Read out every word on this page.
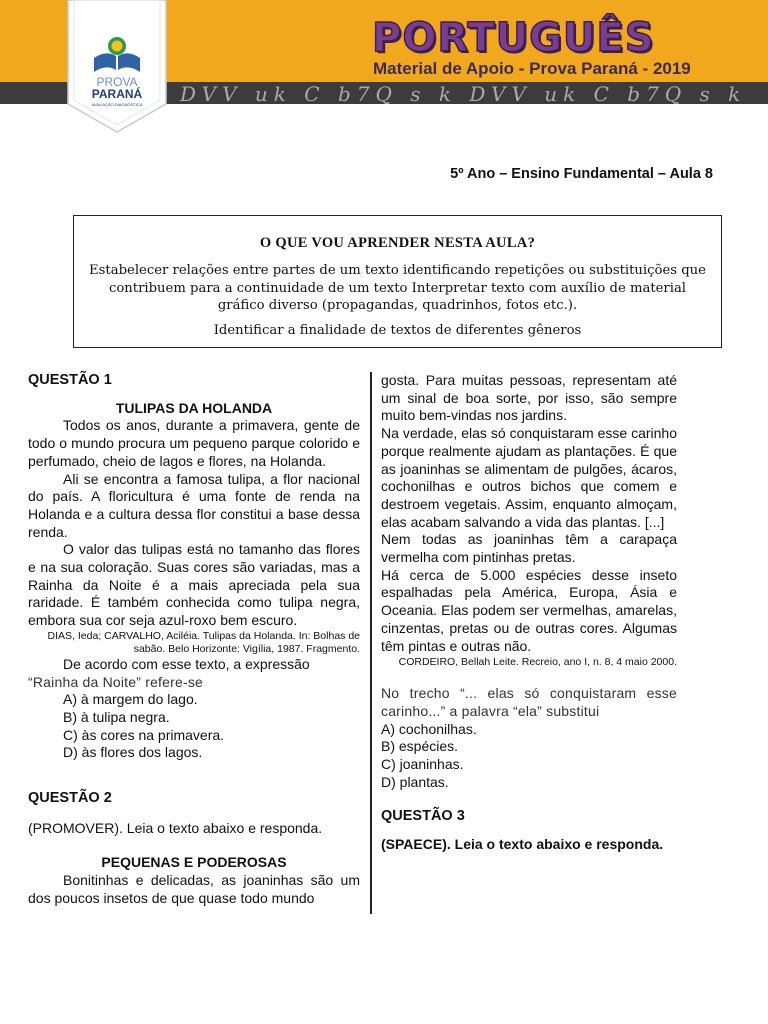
DVV uk C b7Q s k DVV uk C b7Q s k
PROVA
PARANÁ
AVALIAÇÃO DIAGNÓSTICA
PORTUGUÊS
Material de Apoio - Prova Paraná - 2019
5º Ano – Ensino Fundamental – Aula 8
O QUE VOU APRENDER NESTA AULA?
Estabelecer relações entre partes de um texto identificando repetições ou substituições que contribuem para a continuidade de um texto Interpretar texto com auxílio de material gráfico diverso (propagandas, quadrinhos, fotos etc.).
Identificar a finalidade de textos de diferentes gêneros
QUESTÃO 1
TULIPAS DA HOLANDA

Todos os anos, durante a primavera, gente de todo o mundo procura um pequeno parque colorido e perfumado, cheio de lagos e flores, na Holanda.

Ali se encontra a famosa tulipa, a flor nacional do país. A floricultura é uma fonte de renda na Holanda e a cultura dessa flor constitui a base dessa renda.

O valor das tulipas está no tamanho das flores e na sua coloração. Suas cores são variadas, mas a Rainha da Noite é a mais apreciada pela sua raridade. É também conhecida como tulipa negra, embora sua cor seja azul-roxo bem escuro.

DIAS, Ieda; CARVALHO, Aciléia. Tulipas da Holanda. In: Bolhas de sabão. Belo Horizonte: Vigília, 1987. Fragmento.

De acordo com esse texto, a expressão

“Rainha da Noite” refere-se

A) à margem do lago.
B) à tulipa negra.
C) às cores na primavera.
D) às flores dos lagos.
QUESTÃO 2

(PROMOVER). Leia o texto abaixo e responda.

PEQUENAS E PODEROSAS

Bonitinhas e delicadas, as joaninhas são um dos poucos insetos de que quase todo mundo

gosta. Para muitas pessoas, representam até um sinal de boa sorte, por isso, são sempre muito bem-vindas nos jardins.

Na verdade, elas só conquistaram esse carinho porque realmente ajudam as plantações. É que as joaninhas se alimentam de pulgões, ácaros, cochonilhas e outros bichos que comem e destroem vegetais. Assim, enquanto almoçam, elas acabam salvando a vida das plantas. [...]

Nem todas as joaninhas têm a carapaça vermelha com pintinhas pretas.

Há cerca de 5.000 espécies desse inseto espalhadas pela América, Europa, Ásia e Oceania. Elas podem ser vermelhas, amarelas, cinzentas, pretas ou de outras cores. Algumas têm pintas e outras não.

CORDEIRO, Bellah Leite. Recreio, ano I, n. 8, 4 maio 2000.

No trecho “... elas só conquistaram esse carinho...” a palavra “ela” substitui

A) cochonilhas.
B) espécies.
C) joaninhas.
D) plantas.
QUESTÃO 3

(SPAECE). Leia o texto abaixo e responda.
